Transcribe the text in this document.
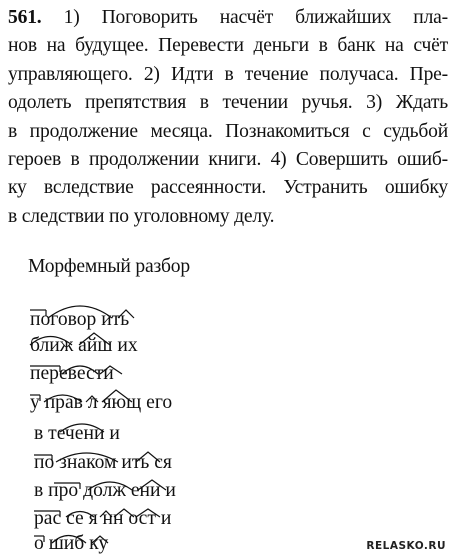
561. 1) Поговорить насчёт ближайших пла-
нов на будущее. Перевести деньги в банк на счёт
управляющего. 2) Идти в течение получаса. Пре-
одолеть препятствия в течении ручья. 3) Ждать
в продолжение месяца. Познакомиться с судьбой
героев в продолжении книги. 4) Совершить ошиб-
ку вследствие рассеянности. Устранить ошибку
в следствии по уголовному делу.
Морфемный разбор
поговор ить
ближ айш их
перевести
у прав л яющ его
в течени и
по знаком ить ся
в про долж ени и
рас се я нн ост и
о шиб ку	RELASKO.RU
